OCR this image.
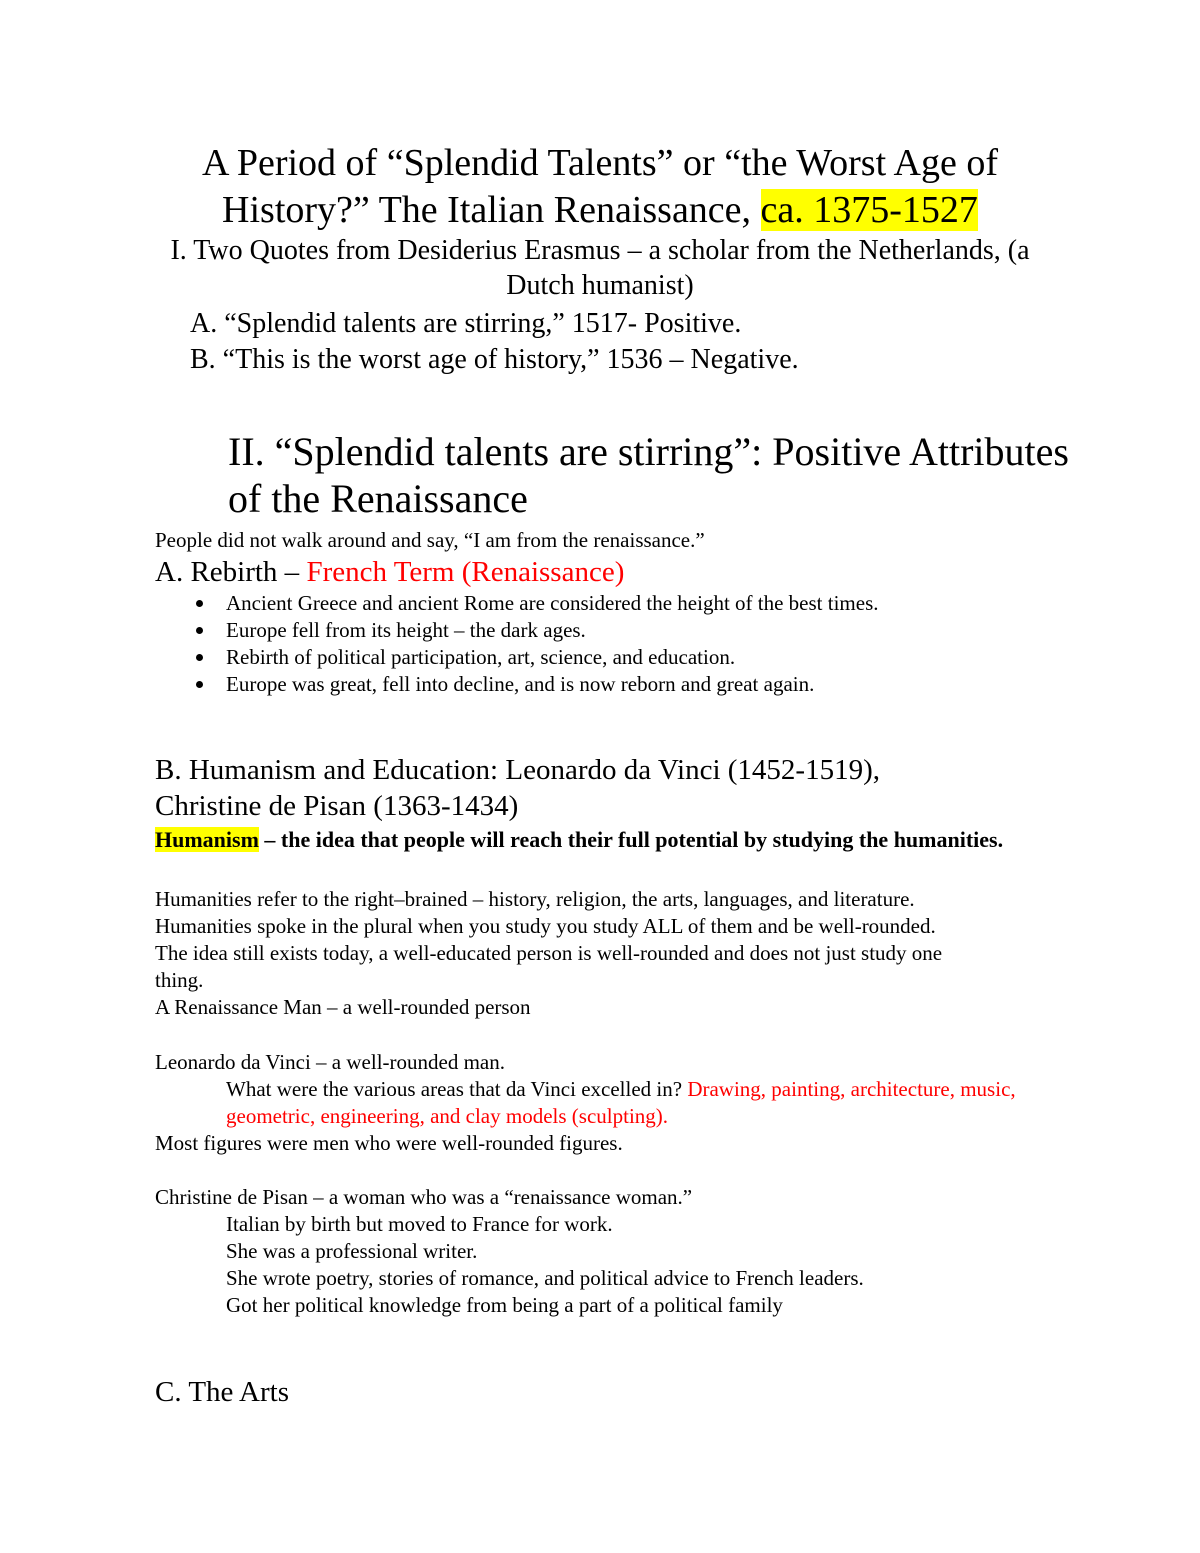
A Period of “Splendid Talents” or “the Worst Age of History?” The Italian Renaissance, ca. 1375-1527

I. Two Quotes from Desiderius Erasmus – a scholar from the Netherlands, (a Dutch humanist)

A. “Splendid talents are stirring,” 1517- Positive.

B. “This is the worst age of history,” 1536 – Negative.

II. “Splendid talents are stirring”: Positive Attributes of the Renaissance

People did not walk around and say, “I am from the renaissance.”

A. Rebirth – French Term (Renaissance)
Ancient Greece and ancient Rome are considered the height of the best times.
Europe fell from its height – the dark ages.
Rebirth of political participation, art, science, and education.
Europe was great, fell into decline, and is now reborn and great again.
B. Humanism and Education: Leonardo da Vinci (1452-1519),
Christine de Pisan (1363-1434)

Humanism – the idea that people will reach their full potential by studying the humanities.

Humanities refer to the right–brained – history, religion, the arts, languages, and literature.

Humanities spoke in the plural when you study you study ALL of them and be well-rounded.

The idea still exists today, a well-educated person is well-rounded and does not just study one

thing.

A Renaissance Man – a well-rounded person

Leonardo da Vinci – a well-rounded man.

What were the various areas that da Vinci excelled in? Drawing, painting, architecture, music, geometric, engineering, and clay models (sculpting).

Most figures were men who were well-rounded figures.

Christine de Pisan – a woman who was a “renaissance woman.”

Italian by birth but moved to France for work.

She was a professional writer.

She wrote poetry, stories of romance, and political advice to French leaders.

Got her political knowledge from being a part of a political family

C. The Arts
